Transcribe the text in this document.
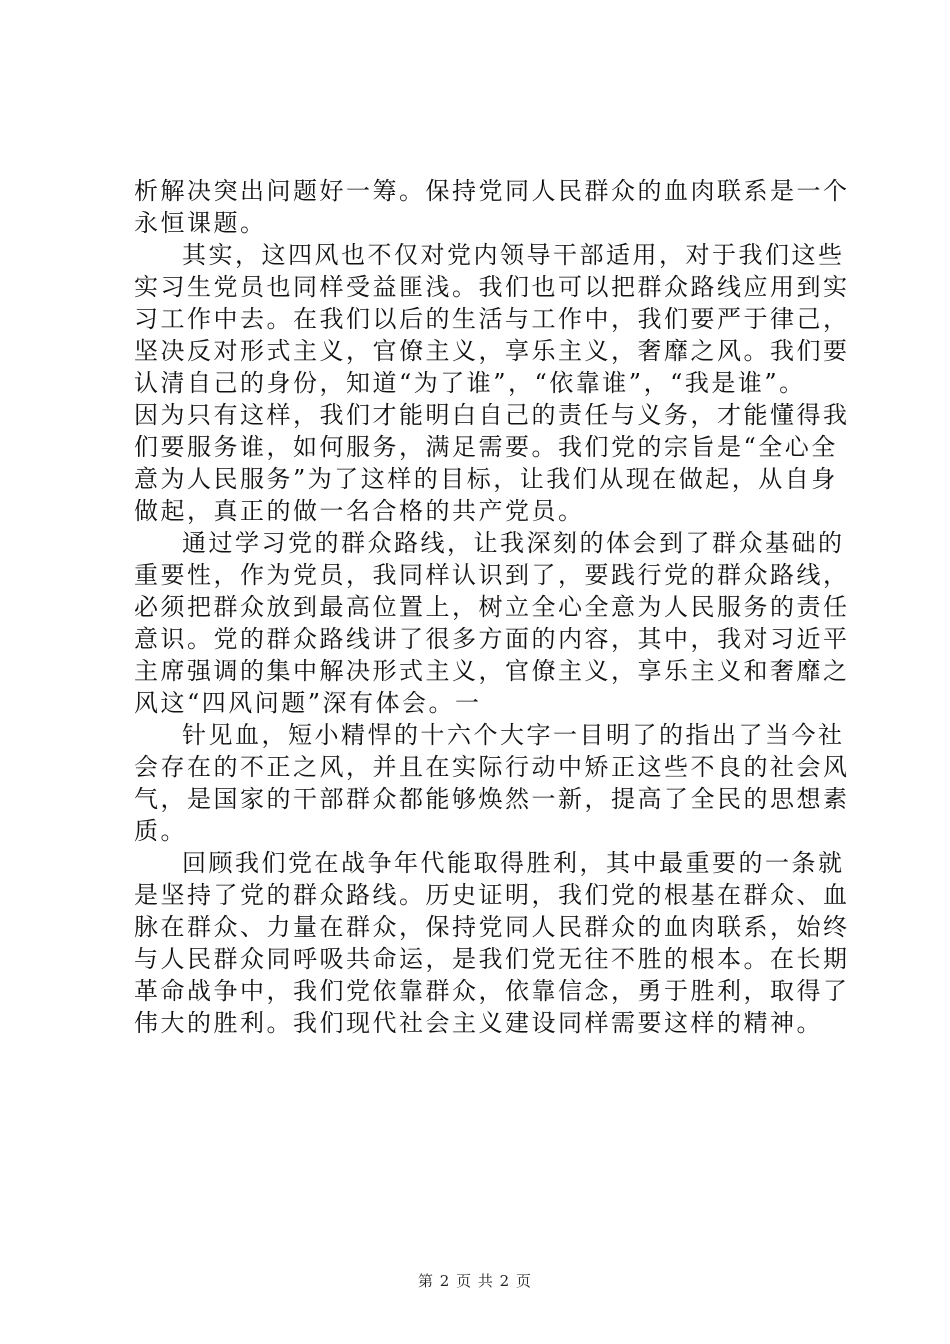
析解决突出问题好一筹。保持党同人民群众的血肉联系是一个
永恒课题。
其实，这四风也不仅对党内领导干部适用，对于我们这些
实习生党员也同样受益匪浅。我们也可以把群众路线应用到实
习工作中去。在我们以后的生活与工作中，我们要严于律己，
坚决反对形式主义，官僚主义，享乐主义，奢靡之风。我们要
认清自己的身份，知道“为了谁”，“依靠谁”，“我是谁”。
因为只有这样，我们才能明白自己的责任与义务，才能懂得我
们要服务谁，如何服务，满足需要。我们党的宗旨是“全心全
意为人民服务”为了这样的目标，让我们从现在做起，从自身
做起，真正的做一名合格的共产党员。
通过学习党的群众路线，让我深刻的体会到了群众基础的
重要性，作为党员，我同样认识到了，要践行党的群众路线，
必须把群众放到最高位置上，树立全心全意为人民服务的责任
意识。党的群众路线讲了很多方面的内容，其中，我对习近平
主席强调的集中解决形式主义，官僚主义，享乐主义和奢靡之
风这“四风问题”深有体会。一
针见血，短小精悍的十六个大字一目明了的指出了当今社
会存在的不正之风，并且在实际行动中矫正这些不良的社会风
气，是国家的干部群众都能够焕然一新，提高了全民的思想素
质。
回顾我们党在战争年代能取得胜利，其中最重要的一条就
是坚持了党的群众路线。历史证明，我们党的根基在群众、血
脉在群众、力量在群众，保持党同人民群众的血肉联系，始终
与人民群众同呼吸共命运，是我们党无往不胜的根本。在长期
革命战争中，我们党依靠群众，依靠信念，勇于胜利，取得了
伟大的胜利。我们现代社会主义建设同样需要这样的精神。
第 2 页 共 2 页
